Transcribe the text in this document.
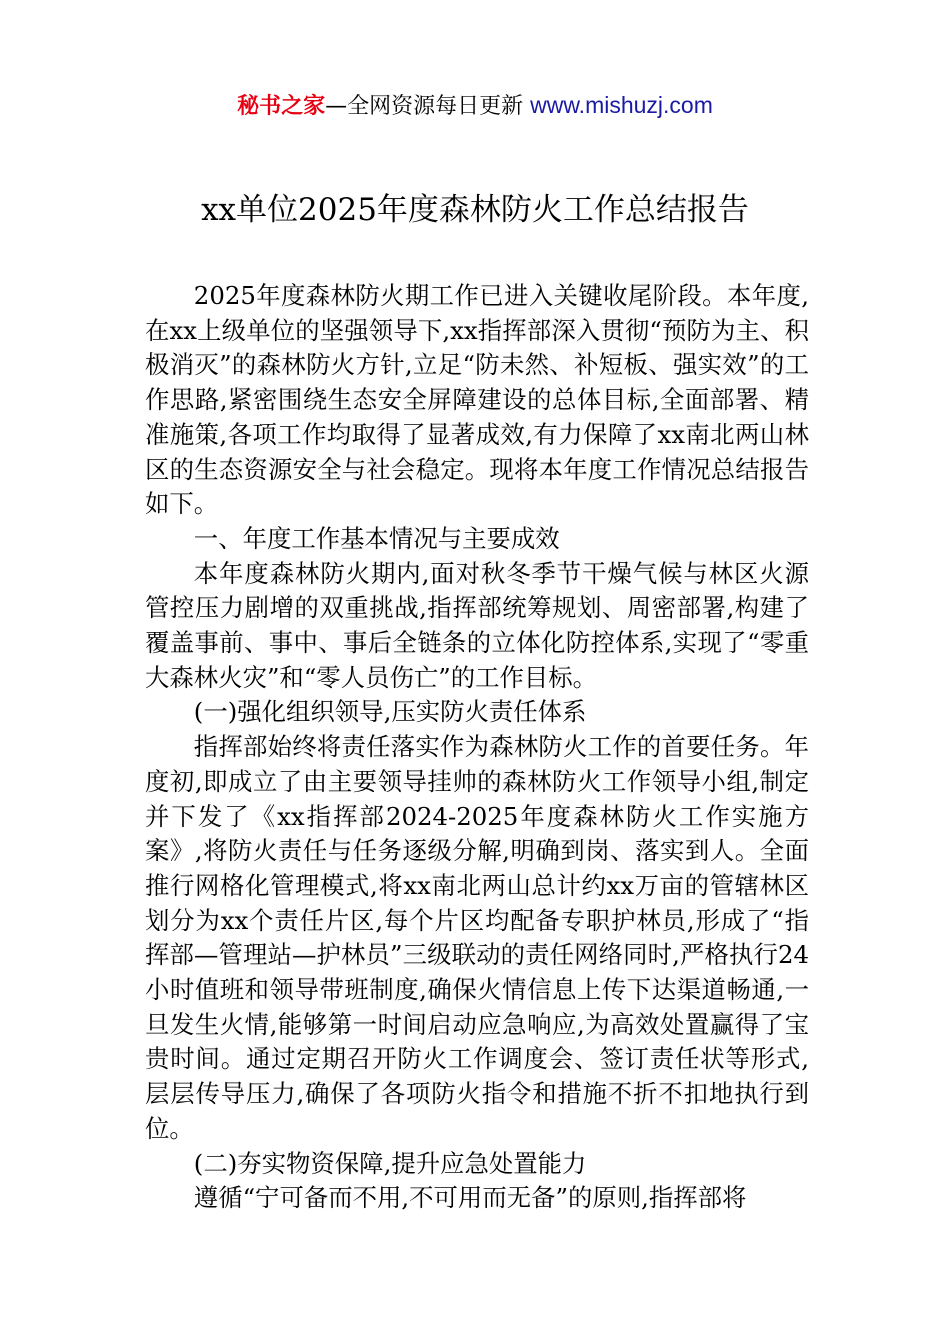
秘书之家—全网资源每日更新 www.mishuzj.com
xx单位2025年度森林防火工作总结报告

2025年度森林防火期工作已进入关键收尾阶段。本年度,在xx上级单位的坚强领导下,xx指挥部深入贯彻“预防为主、积极消灭”的森林防火方针,立足“防未然、补短板、强实效”的工作思路,紧密围绕生态安全屏障建设的总体目标,全面部署、精准施策,各项工作均取得了显著成效,有力保障了xx南北两山林区的生态资源安全与社会稳定。现将本年度工作情况总结报告如下。

一、年度工作基本情况与主要成效

本年度森林防火期内,面对秋冬季节干燥气候与林区火源管控压力剧增的双重挑战,指挥部统筹规划、周密部署,构建了覆盖事前、事中、事后全链条的立体化防控体系,实现了“零重大森林火灾”和“零人员伤亡”的工作目标。

(一)强化组织领导,压实防火责任体系

指挥部始终将责任落实作为森林防火工作的首要任务。年度初,即成立了由主要领导挂帅的森林防火工作领导小组,制定并下发了《xx指挥部2024-2025年度森林防火工作实施方案》,将防火责任与任务逐级分解,明确到岗、落实到人。全面推行网格化管理模式,将xx南北两山总计约xx万亩的管辖林区划分为xx个责任片区,每个片区均配备专职护林员,形成了“指挥部—管理站—护林员”三级联动的责任网络同时,严格执行24小时值班和领导带班制度,确保火情信息上传下达渠道畅通,一旦发生火情,能够第一时间启动应急响应,为高效处置赢得了宝贵时间。通过定期召开防火工作调度会、签订责任状等形式,层层传导压力,确保了各项防火指令和措施不折不扣地执行到位。

(二)夯实物资保障,提升应急处置能力

遵循“宁可备而不用,不可用而无备”的原则,指挥部将
